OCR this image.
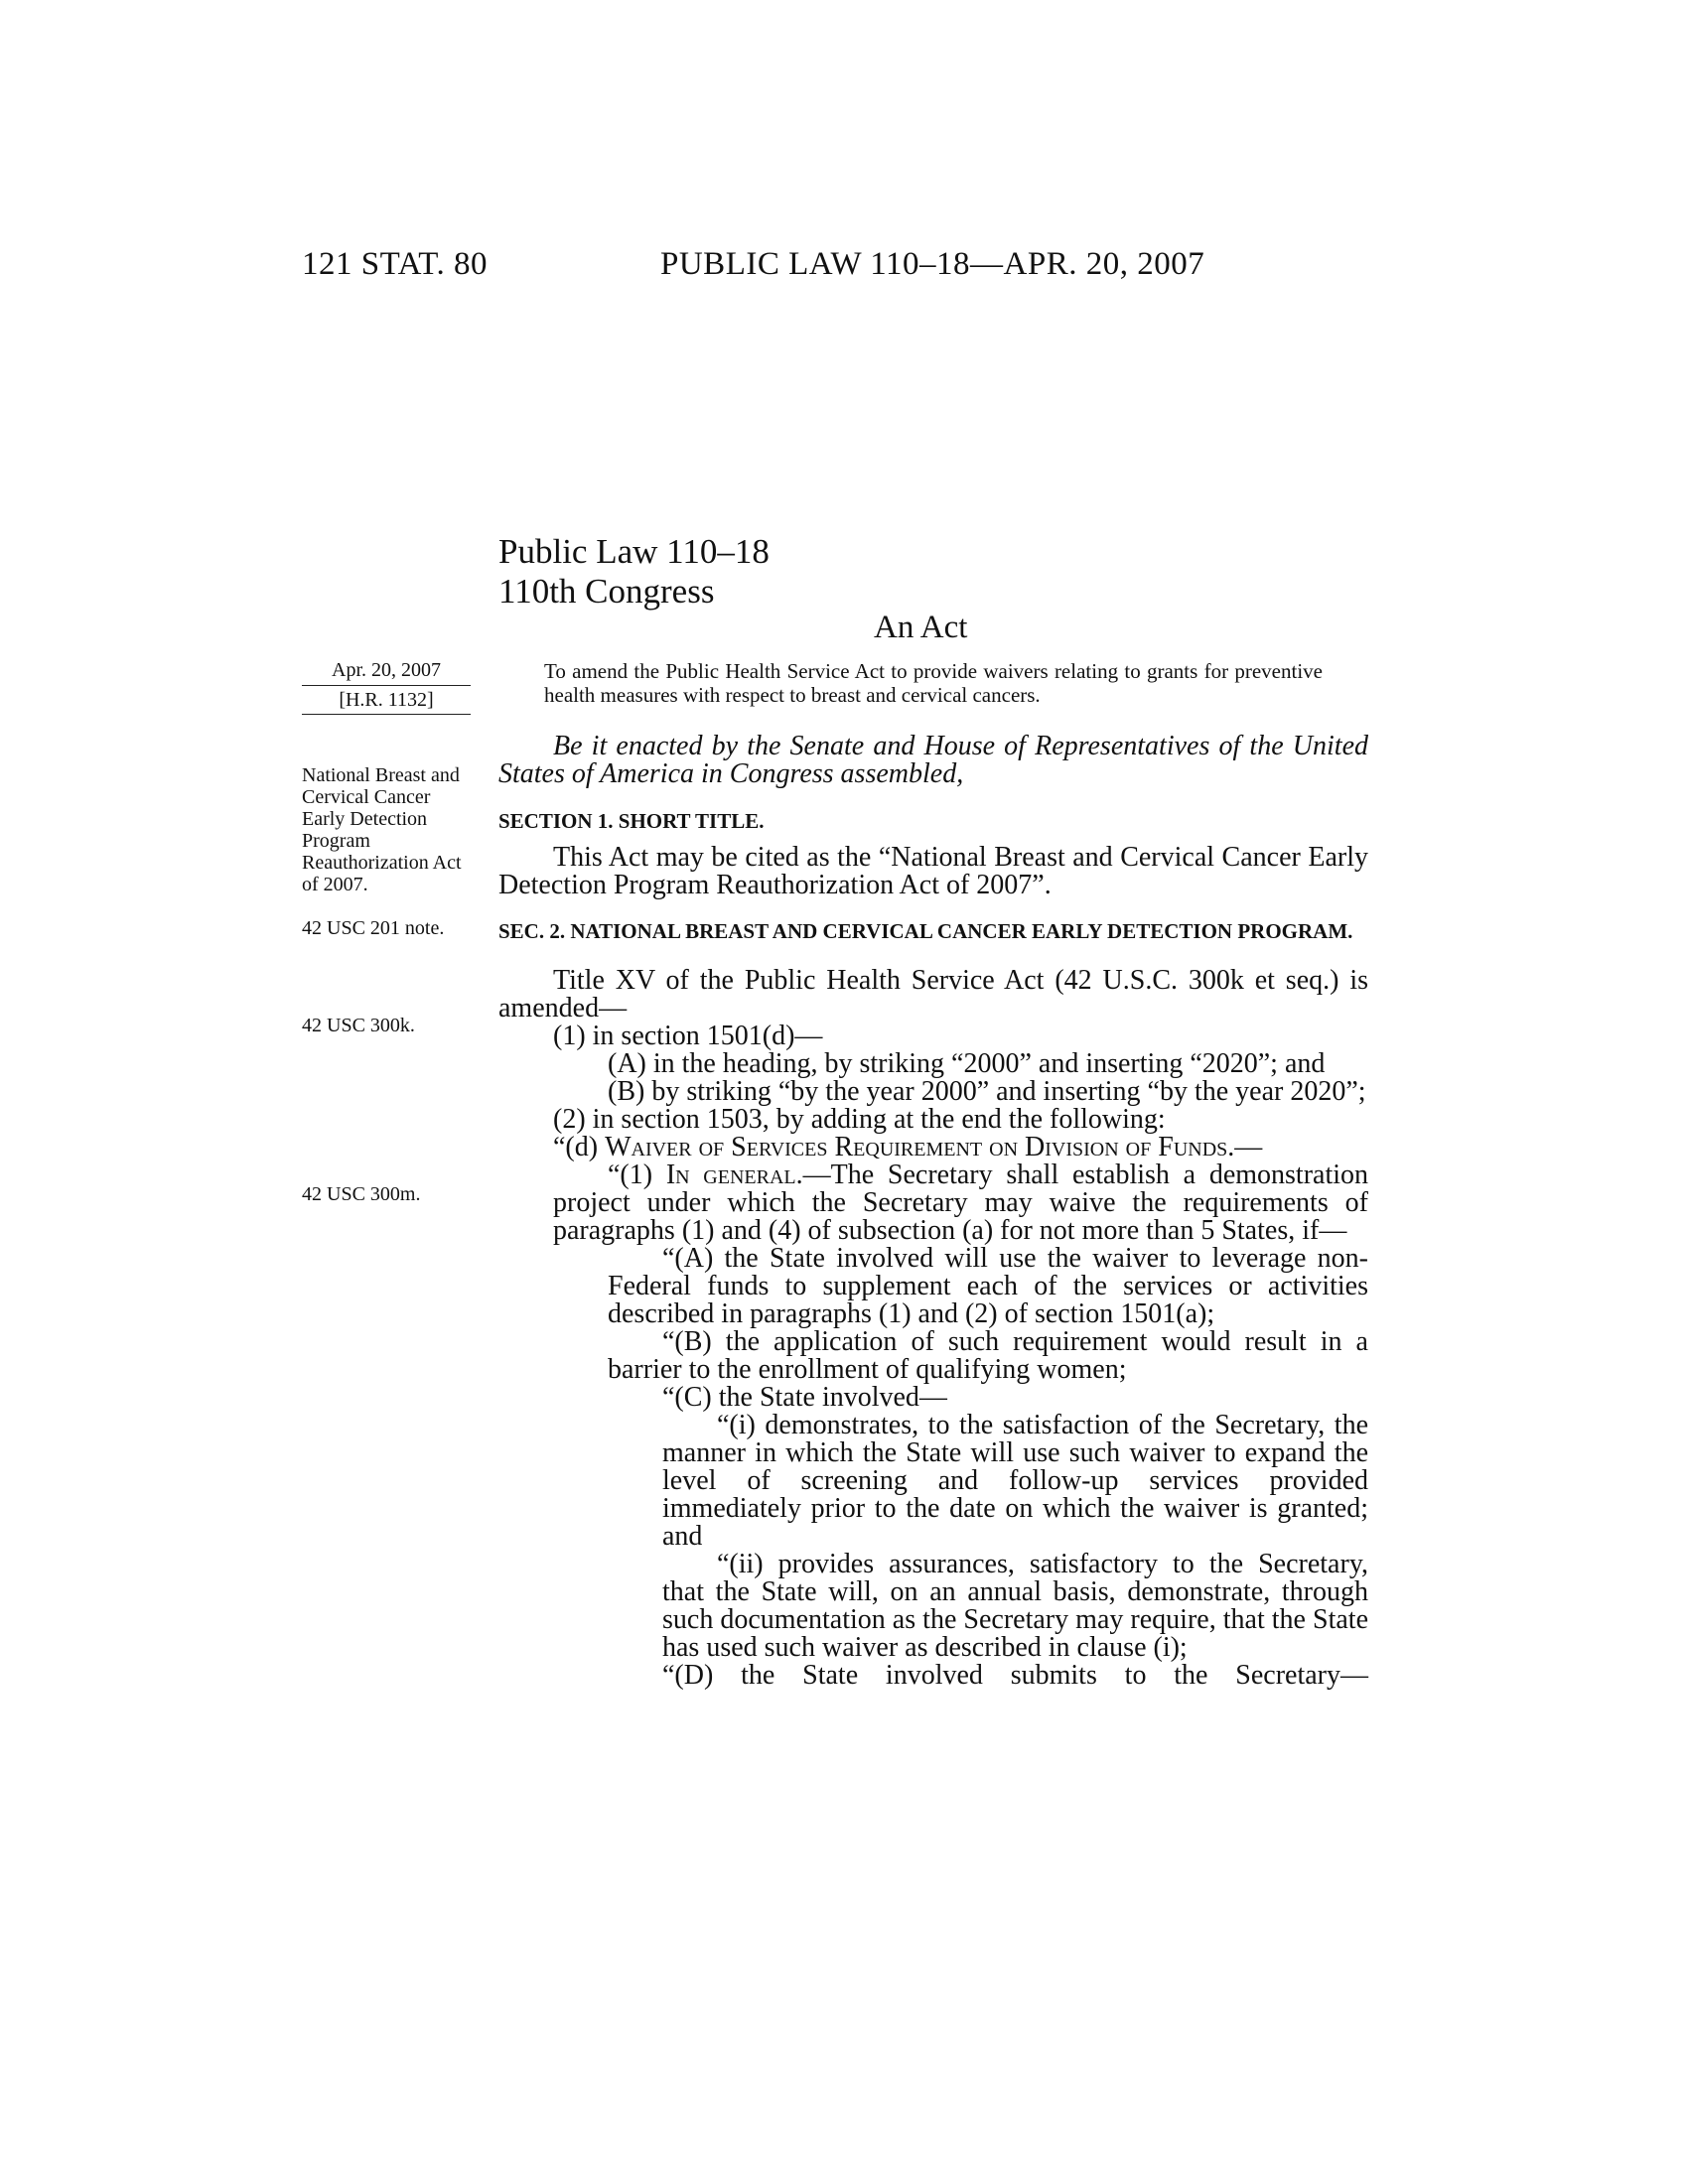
121 STAT. 80	PUBLIC LAW 110–18—APR. 20, 2007
Public Law 110–18
110th Congress
An Act
Apr. 20, 2007
[H.R. 1132]
National Breast and Cervical Cancer Early Detection Program Reauthorization Act of 2007.
42 USC 201 note.
42 USC 300k.
42 USC 300m.
To amend the Public Health Service Act to provide waivers relating to grants for preventive health measures with respect to breast and cervical cancers.

Be it enacted by the Senate and House of Representatives of the United States of America in Congress assembled,

SECTION 1. SHORT TITLE.

This Act may be cited as the “National Breast and Cervical Cancer Early Detection Program Reauthorization Act of 2007”.

SEC. 2. NATIONAL BREAST AND CERVICAL CANCER EARLY DETECTION PROGRAM.

Title XV of the Public Health Service Act (42 U.S.C. 300k et seq.) is amended—

(1) in section 1501(d)—

(A) in the heading, by striking “2000” and inserting “2020”; and

(B) by striking “by the year 2000” and inserting “by the year 2020”;

(2) in section 1503, by adding at the end the following:

“(d) Waiver of Services Requirement on Division of Funds.—

“(1) In general.—The Secretary shall establish a demonstration project under which the Secretary may waive the requirements of paragraphs (1) and (4) of subsection (a) for not more than 5 States, if—

“(A) the State involved will use the waiver to leverage non-Federal funds to supplement each of the services or activities described in paragraphs (1) and (2) of section 1501(a);

“(B) the application of such requirement would result in a barrier to the enrollment of qualifying women;

“(C) the State involved—

“(i) demonstrates, to the satisfaction of the Secretary, the manner in which the State will use such waiver to expand the level of screening and follow-up services provided immediately prior to the date on which the waiver is granted; and

“(ii) provides assurances, satisfactory to the Secretary, that the State will, on an annual basis, demonstrate, through such documentation as the Secretary may require, that the State has used such waiver as described in clause (i);

“(D) the State involved submits to the Secretary—
